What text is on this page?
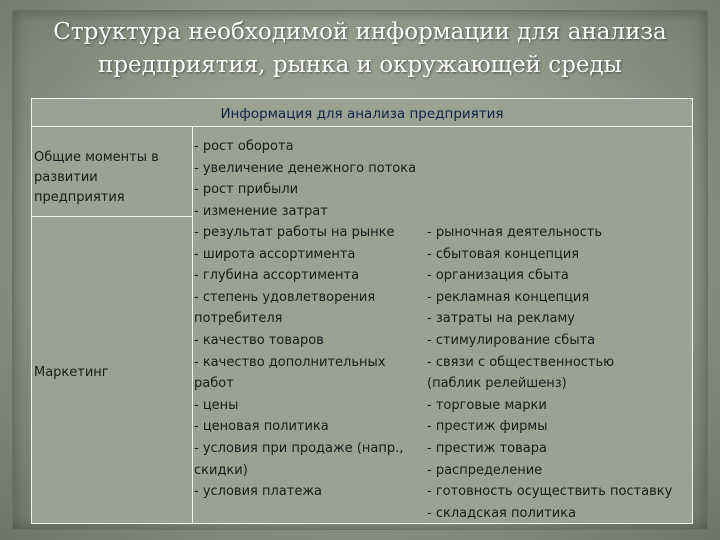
Структура необходимой информации для анализа предприятия, рынка и окружающей среды
Информация для анализа предприятия
Общие моменты в развитии предприятия
Маркетинг
- рост оборота
- увеличение денежного потока
- рост прибыли
- изменение затрат
- результат работы на рынке
- широта ассортимента
- глубина ассортимента
- степень удовлетворения
потребителя
- качество товаров
- качество дополнительных
работ
- цены
- ценовая политика
- условия при продаже (напр.,
скидки)
- условия платежа
- рыночная деятельность
- сбытовая концепция
- организация сбыта
- рекламная концепция
- затраты на рекламу
- стимулирование сбыта
- связи с общественностью
(паблик релейшенз)
- торговые марки
- престиж фирмы
- престиж товара
- распределение
- готовность осуществить поставку
- складская политика
